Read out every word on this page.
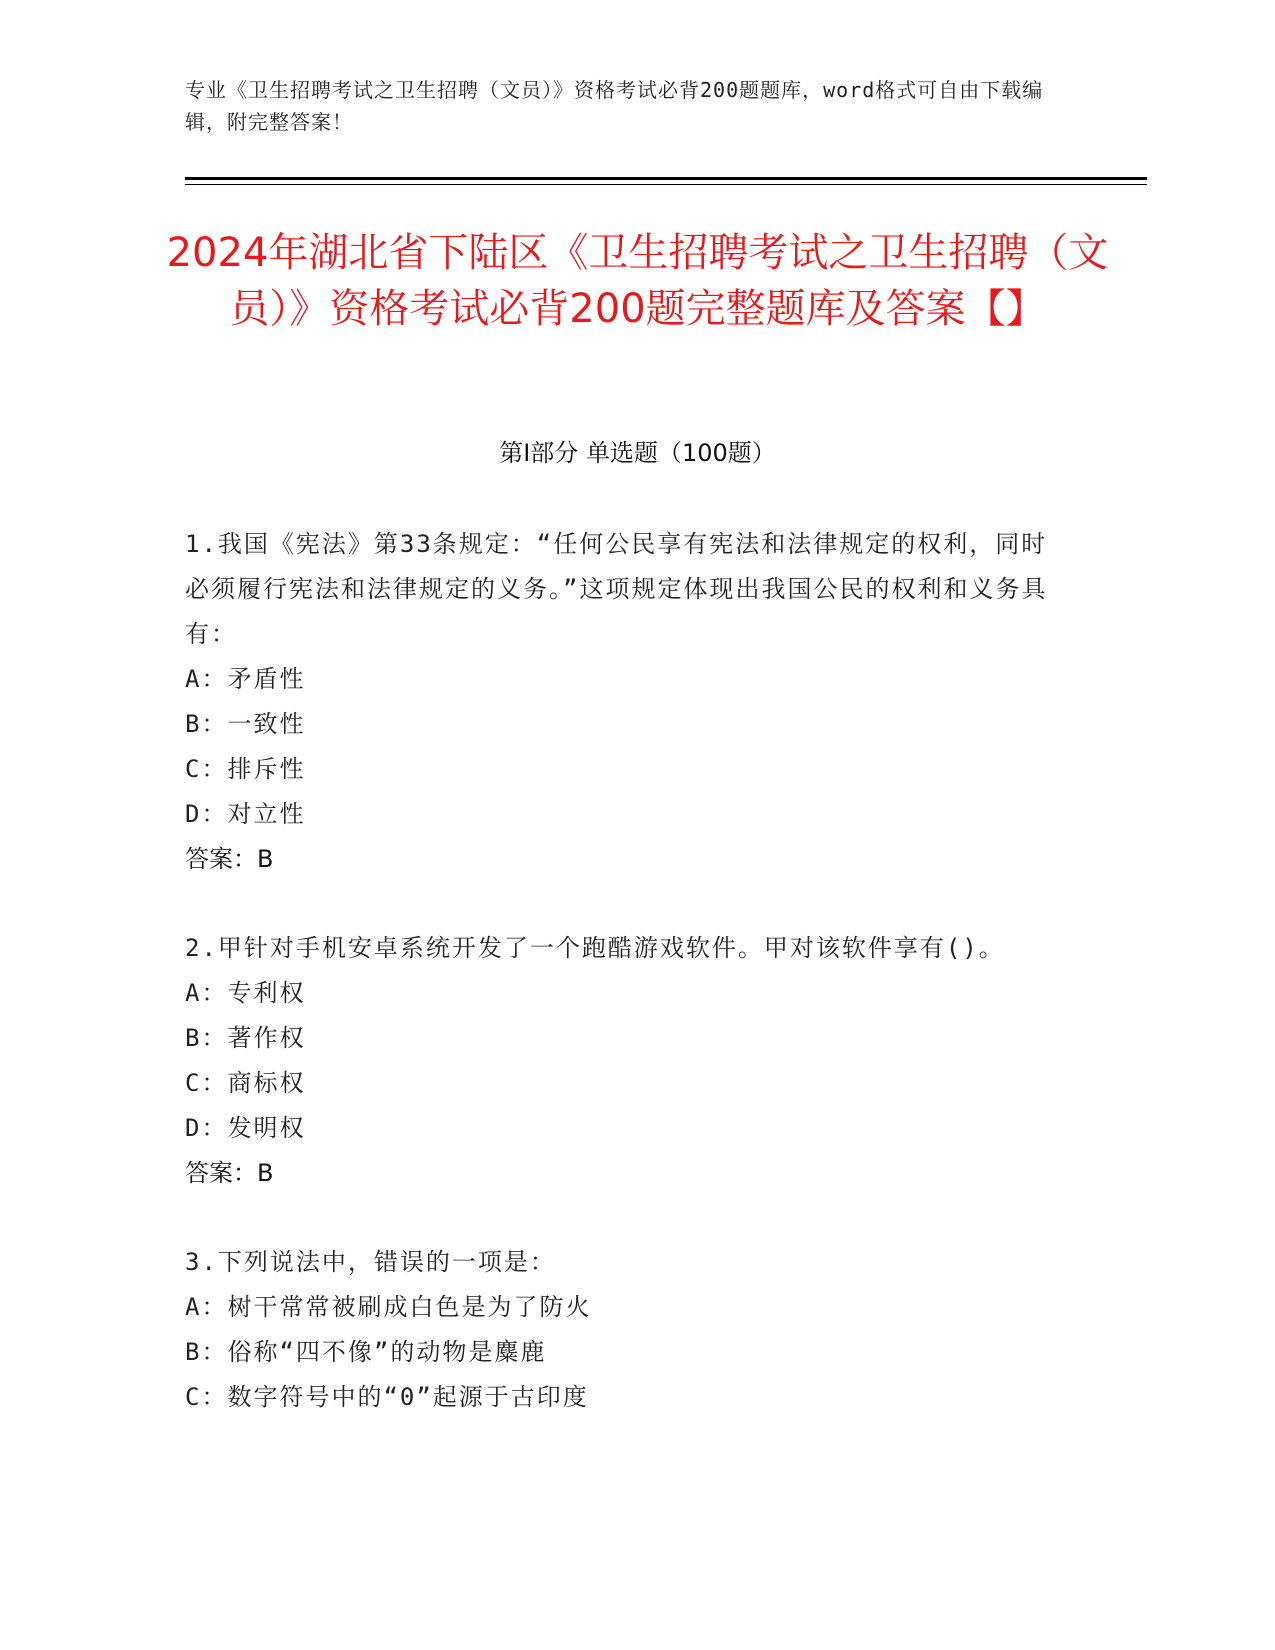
专业《卫生招聘考试之卫生招聘（文员）》资格考试必背200题题库，word格式可自由下载编辑，附完整答案！
2024年湖北省下陆区《卫生招聘考试之卫生招聘（文员）》资格考试必背200题完整题库及答案【】
第I部分 单选题（100题）

1.我国《宪法》第33条规定：“任何公民享有宪法和法律规定的权利，同时必须履行宪法和法律规定的义务。”这项规定体现出我国公民的权利和义务具有：

A：矛盾性

B：一致性

C：排斥性

D：对立性

答案：B

2.甲针对手机安卓系统开发了一个跑酷游戏软件。甲对该软件享有()。

A：专利权

B：著作权

C：商标权

D：发明权

答案：B

3.下列说法中，错误的一项是：

A：树干常常被刷成白色是为了防火

B：俗称“四不像”的动物是麋鹿

C：数字符号中的“0”起源于古印度
